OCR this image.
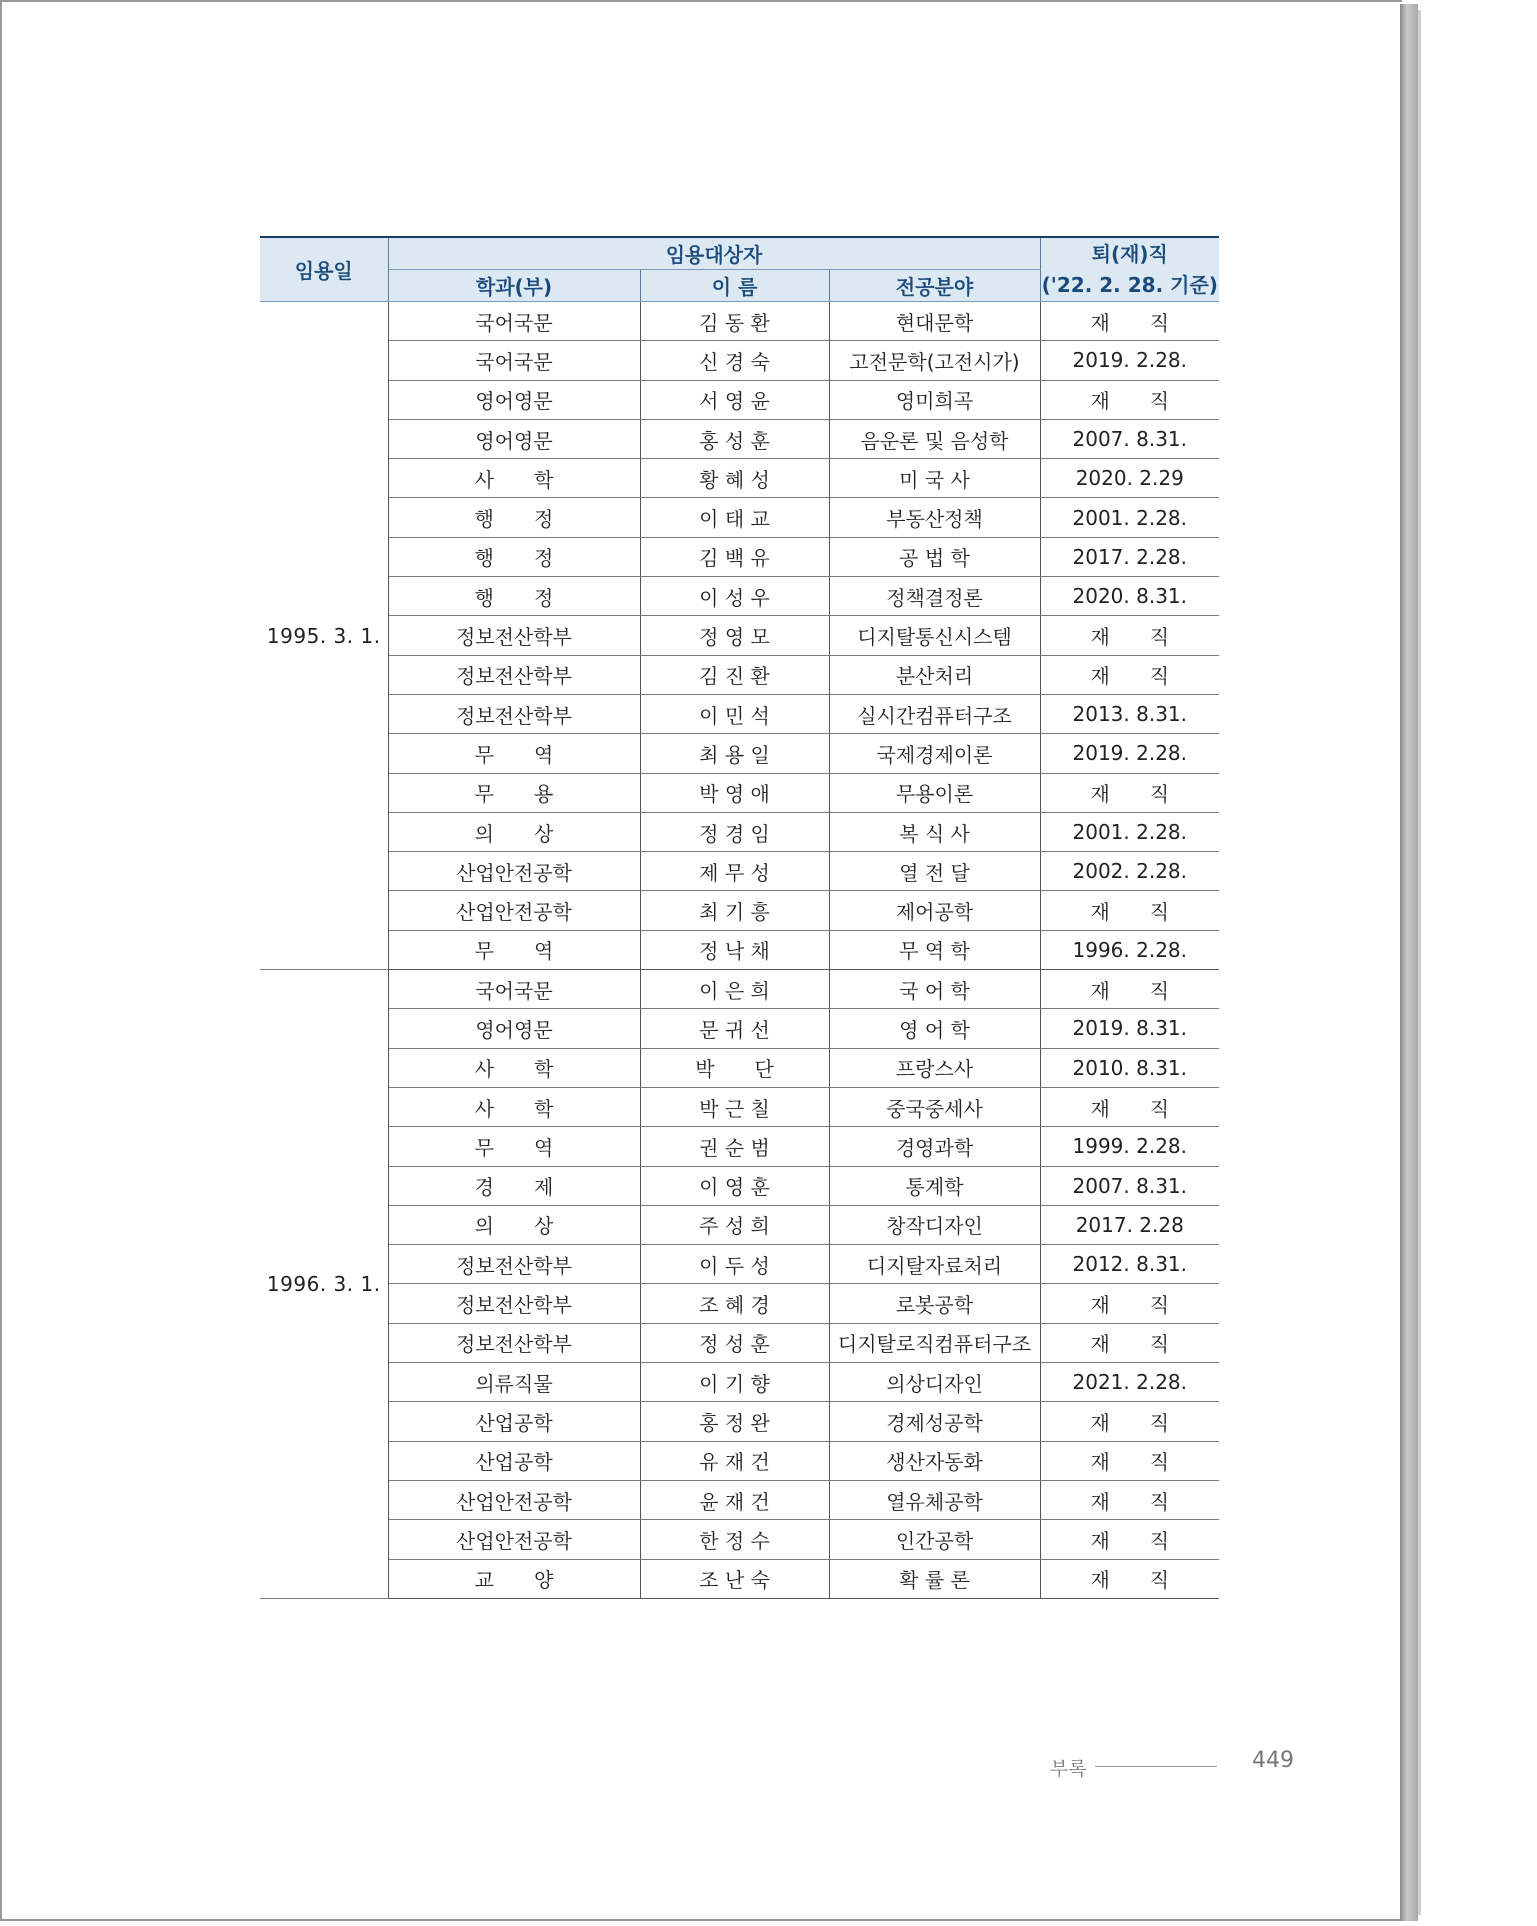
임용일	임용대상자			퇴(재)직
('22. 2. 28. 기준)

	학과(부)	이 름	전공분야	
1995. 3. 1.	국어국문	김 동 환	현대문학	재　　직
	국어국문	신 경 숙	고전문학(고전시가)	2019. 2.28.
	영어영문	서 영 윤	영미희곡	재　　직
	영어영문	홍 성 훈	음운론 및 음성학	2007. 8.31.
	사　　학	황 혜 성	미 국 사	2020. 2.29
	행　　정	이 태 교	부동산정책	2001. 2.28.
	행　　정	김 백 유	공 법 학	2017. 2.28.
	행　　정	이 성 우	정책결정론	2020. 8.31.
	정보전산학부	정 영 모	디지탈통신시스템	재　　직
	정보전산학부	김 진 환	분산처리	재　　직
	정보전산학부	이 민 석	실시간컴퓨터구조	2013. 8.31.
	무　　역	최 용 일	국제경제이론	2019. 2.28.
	무　　용	박 영 애	무용이론	재　　직
	의　　상	정 경 임	복 식 사	2001. 2.28.
	산업안전공학	제 무 성	열 전 달	2002. 2.28.
	산업안전공학	최 기 흥	제어공학	재　　직
	무　　역	정 낙 채	무 역 학	1996. 2.28.
1996. 3. 1.	국어국문	이 은 희	국 어 학	재　　직
	영어영문	문 귀 선	영 어 학	2019. 8.31.
	사　　학	박　　단	프랑스사	2010. 8.31.
	사　　학	박 근 칠	중국중세사	재　　직
	무　　역	권 순 범	경영과학	1999. 2.28.
	경　　제	이 영 훈	통계학	2007. 8.31.
	의　　상	주 성 희	창작디자인	2017. 2.28
	정보전산학부	이 두 성	디지탈자료처리	2012. 8.31.
	정보전산학부	조 혜 경	로봇공학	재　　직
	정보전산학부	정 성 훈	디지탈로직컴퓨터구조	재　　직
	의류직물	이 기 향	의상디자인	2021. 2.28.
	산업공학	홍 정 완	경제성공학	재　　직
	산업공학	유 재 건	생산자동화	재　　직
	산업안전공학	윤 재 건	열유체공학	재　　직
	산업안전공학	한 정 수	인간공학	재　　직
	교　　양	조 난 숙	확 률 론	재　　직
부록	449
